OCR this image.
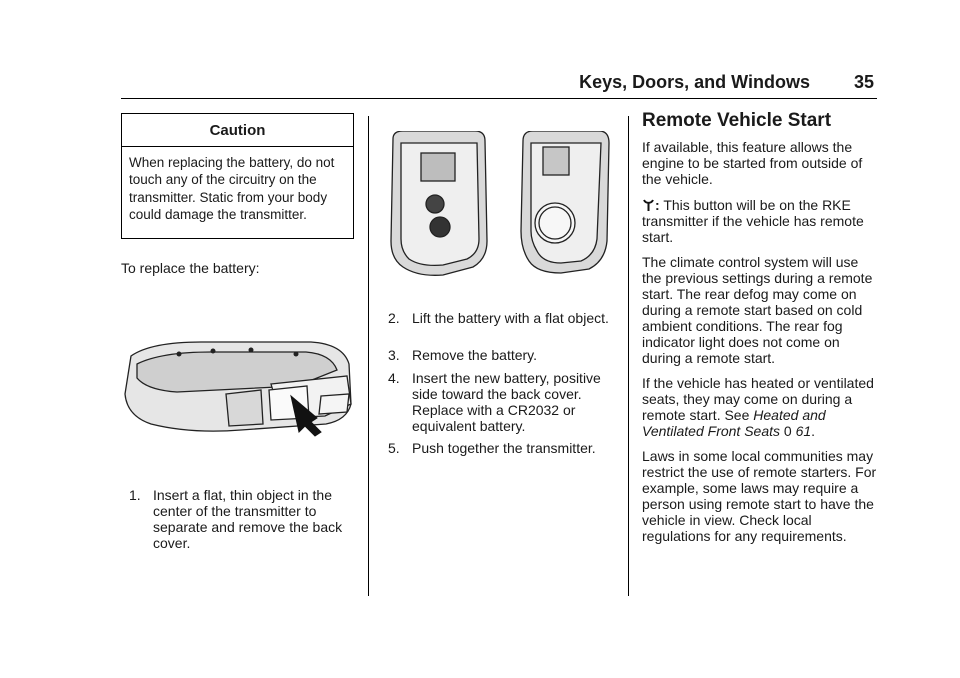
Keys, Doors, and Windows 35
Caution
When replacing the battery, do not touch any of the circuitry on the transmitter. Static from your body could damage the transmitter.
To replace the battery:
1. Insert a flat, thin object in the center of the transmitter to separate and remove the back cover.
2. Lift the battery with a flat object.
3. Remove the battery.
4. Insert the new battery, positive side toward the back cover. Replace with a CR2032 or equivalent battery.
5. Push together the transmitter.
Remote Vehicle Start

If available, this feature allows the engine to be started from outside of the vehicle.

: This button will be on the RKE transmitter if the vehicle has remote start.

The climate control system will use the previous settings during a remote start. The rear defog may come on during a remote start based on cold ambient conditions. The rear fog indicator light does not come on during a remote start.

If the vehicle has heated or ventilated seats, they may come on during a remote start. See Heated and Ventilated Front Seats 0 61.

Laws in some local communities may restrict the use of remote starters. For example, some laws may require a person using remote start to have the vehicle in view. Check local regulations for any requirements.
